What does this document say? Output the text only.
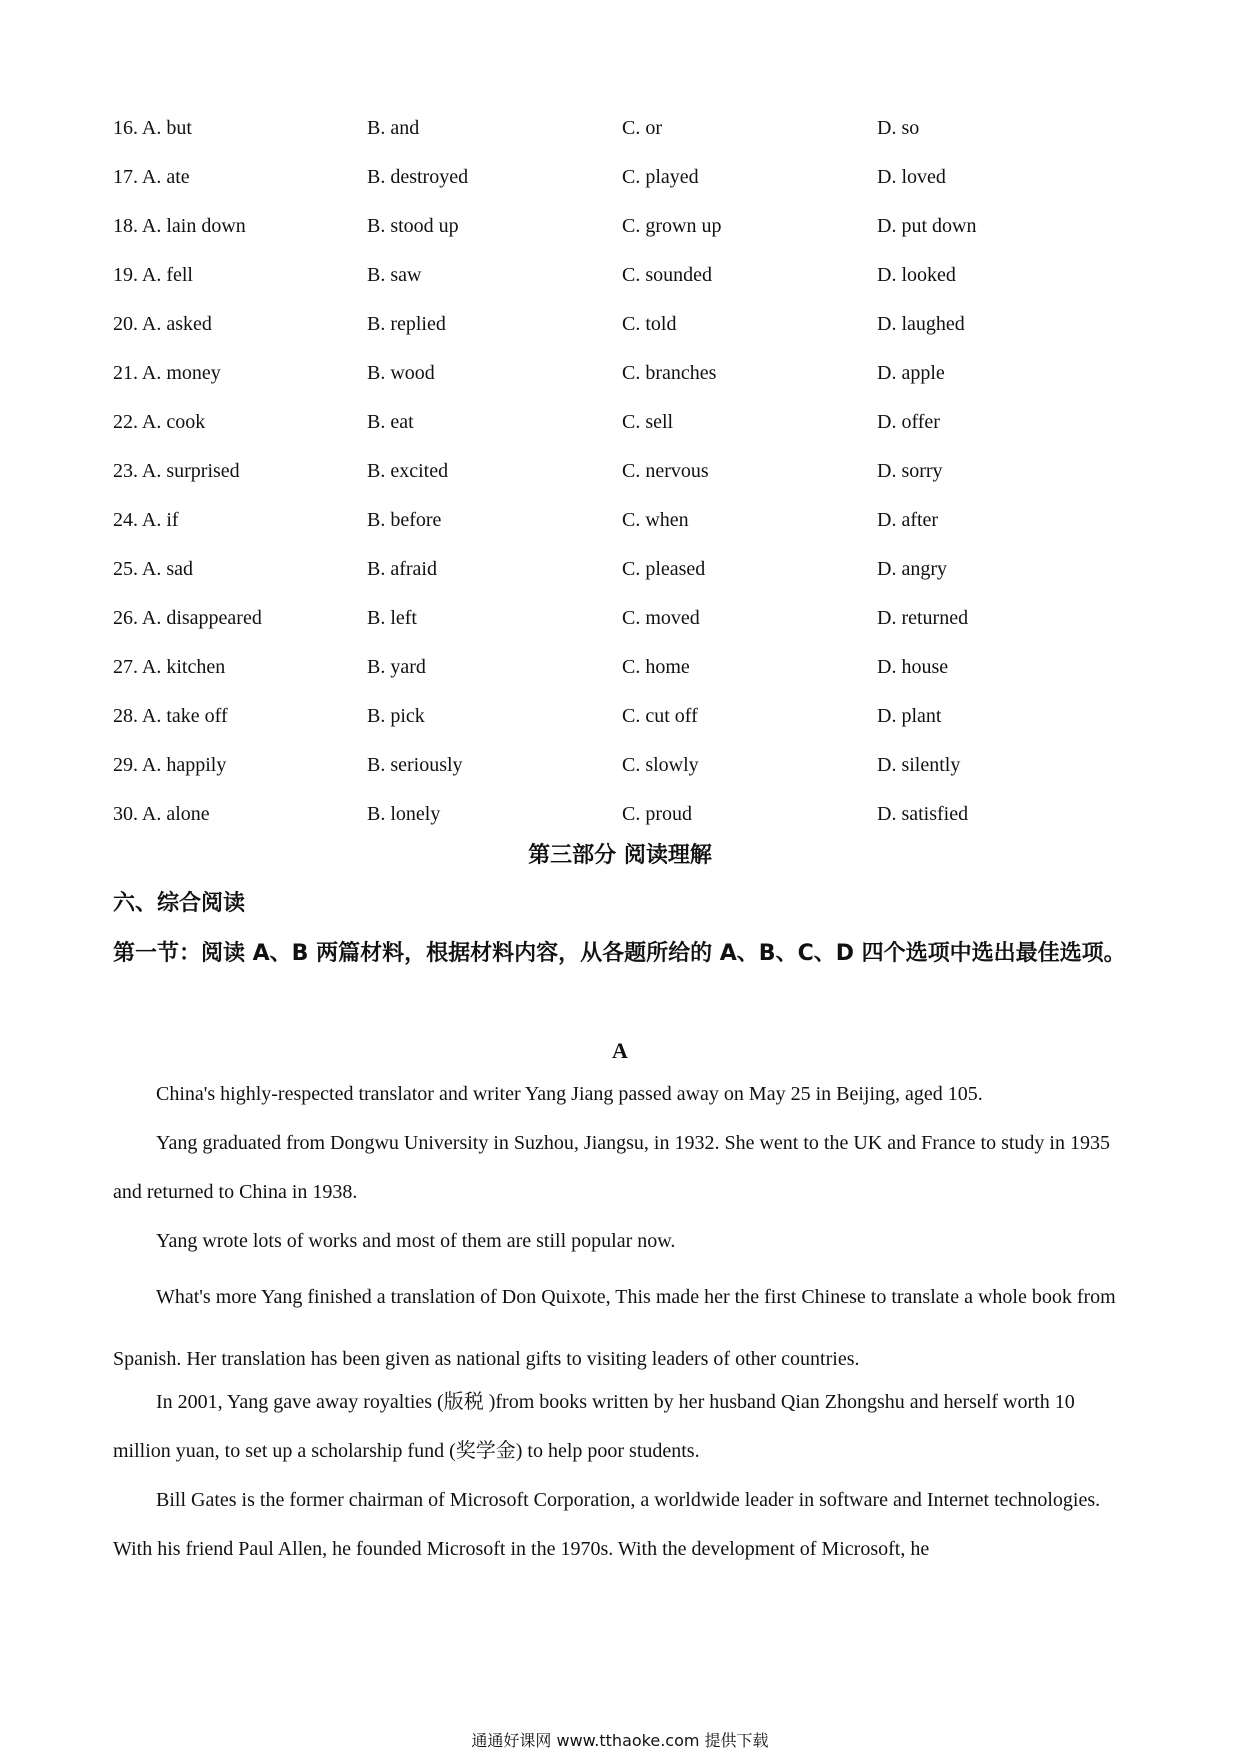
16. A. but	B. and	C. or	D. so
17. A. ate	B. destroyed	C. played	D. loved
18. A. lain down	B. stood up	C. grown up	D. put down
19. A. fell	B. saw	C. sounded	D. looked
20. A. asked	B. replied	C. told	D. laughed
21. A. money	B. wood	C. branches	D. apple
22. A. cook	B. eat	C. sell	D. offer
23. A. surprised	B. excited	C. nervous	D. sorry
24. A. if	B. before	C. when	D. after
25. A. sad	B. afraid	C. pleased	D. angry
26. A. disappeared	B. left	C. moved	D. returned
27. A. kitchen	B. yard	C. home	D. house
28. A. take off	B. pick	C. cut off	D. plant
29. A. happily	B. seriously	C. slowly	D. silently
30. A. alone	B. lonely	C. proud	D. satisfied
第三部分 阅读理解
六、综合阅读
第一节：阅读 A、B 两篇材料，根据材料内容，从各题所给的 A、B、C、D 四个选项中选出最佳选项。
A

China's highly-respected translator and writer Yang Jiang passed away on May 25 in Beijing, aged 105.

Yang graduated from Dongwu University in Suzhou, Jiangsu, in 1932. She went to the UK and France to study in 1935 and returned to China in 1938.

Yang wrote lots of works and most of them are still popular now.

What's more Yang finished a translation of Don Quixote, This made her the first Chinese to translate a whole book from Spanish. Her translation has been given as national gifts to visiting leaders of other countries.

In 2001, Yang gave away royalties (版税 )from books written by her husband Qian Zhongshu and herself worth 10 million yuan, to set up a scholarship fund (奖学金) to help poor students.

Bill Gates is the former chairman of Microsoft Corporation, a worldwide leader in software and Internet technologies. With his friend Paul Allen, he founded Microsoft in the 1970s. With the development of Microsoft, he

通通好课网 www.tthaoke.com 提供下载
